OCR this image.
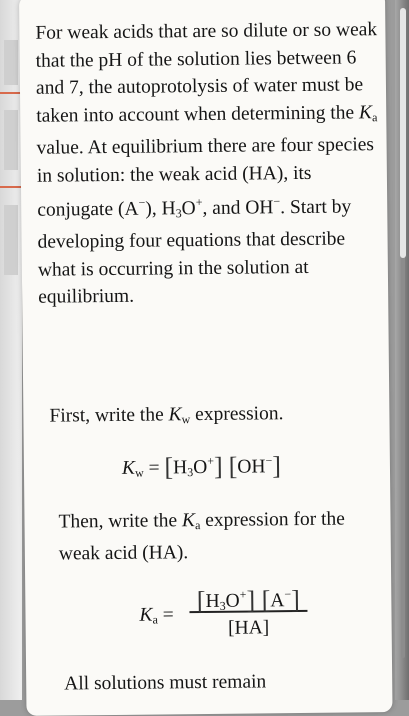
For weak acids that are so dilute or so weak that the pH of the solution lies between 6 and 7, the autoprotolysis of water must be taken into account when determining the $K_a$ value. At equilibrium there are four species in solution: the weak acid (HA), its conjugate (A−), $H_3O^+$, and OH−. Start by developing four equations that describe what is occurring in the solution at equilibrium.

First, write the $K_w$ expression.

$K_w = [H_3O^+]$ [OH−]

Then, write the $K_a$ expression for the weak acid (HA).

$K_a = [H_3O^+]$ [A−]
[HA]

All solutions must remain
